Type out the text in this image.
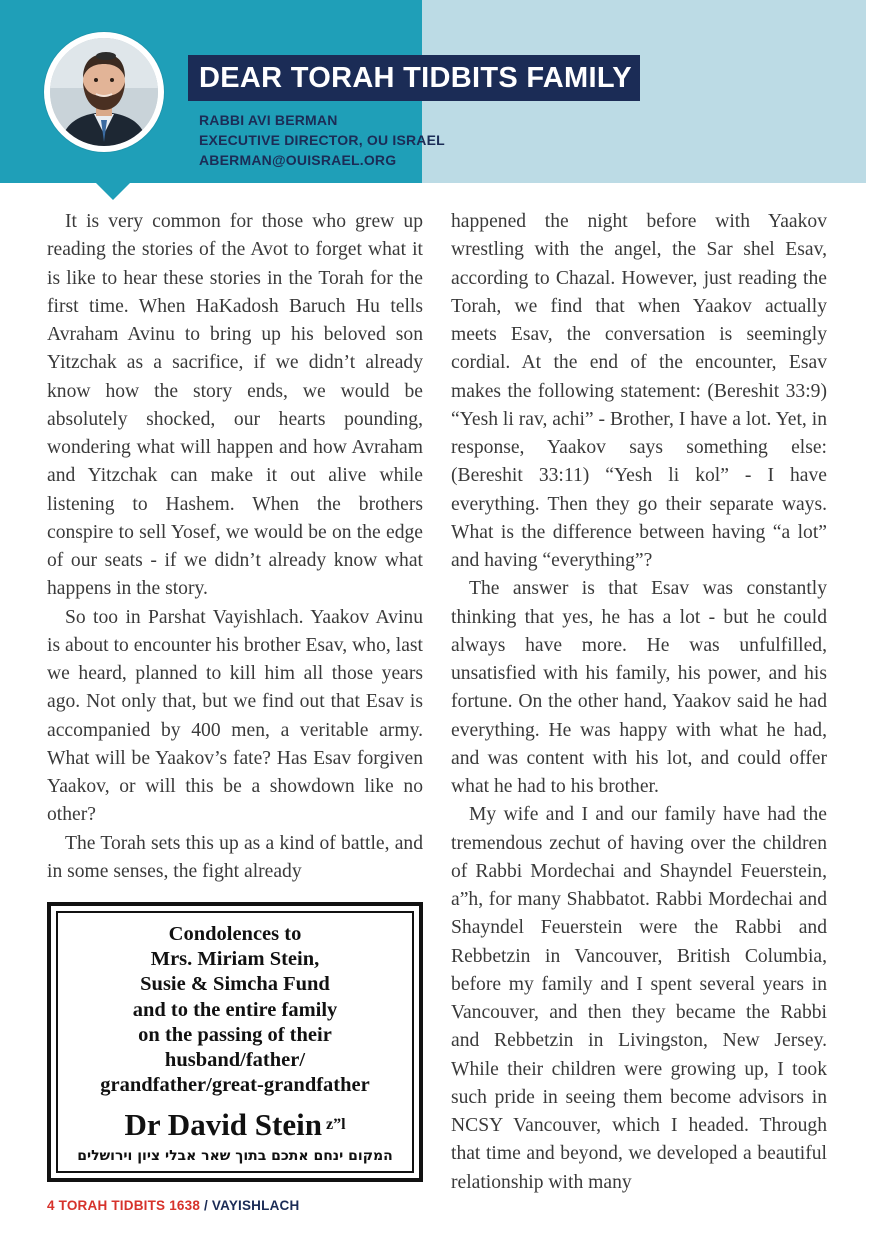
DEAR TORAH TIDBITS FAMILY
RABBI AVI BERMAN
EXECUTIVE DIRECTOR, OU ISRAEL
ABERMAN@OUISRAEL.ORG

It is very common for those who grew up reading the stories of the Avot to forget what it is like to hear these stories in the Torah for the first time. When HaKadosh Baruch Hu tells Avraham Avinu to bring up his beloved son Yitzchak as a sacrifice, if we didn’t already know how the story ends, we would be absolutely shocked, our hearts pounding, wondering what will happen and how Avraham and Yitzchak can make it out alive while listening to Hashem. When the brothers conspire to sell Yosef, we would be on the edge of our seats - if we didn’t already know what happens in the story.

So too in Parshat Vayishlach. Yaakov Avinu is about to encounter his brother Esav, who, last we heard, planned to kill him all those years ago. Not only that, but we find out that Esav is accompanied by 400 men, a veritable army. What will be Yaakov’s fate? Has Esav forgiven Yaakov, or will this be a showdown like no other?

The Torah sets this up as a kind of battle, and in some senses, the fight already

happened the night before with Yaakov wrestling with the angel, the Sar shel Esav, according to Chazal. However, just reading the Torah, we find that when Yaakov actually meets Esav, the conversation is seemingly cordial. At the end of the encounter, Esav makes the following statement: (Bereshit 33:9) “Yesh li rav, achi” - Brother, I have a lot. Yet, in response, Yaakov says something else: (Bereshit 33:11) “Yesh li kol” - I have everything. Then they go their separate ways. What is the difference between having “a lot” and having “everything”?

The answer is that Esav was constantly thinking that yes, he has a lot - but he could always have more. He was unfulfilled, unsatisfied with his family, his power, and his fortune. On the other hand, Yaakov said he had everything. He was happy with what he had, and was content with his lot, and could offer what he had to his brother.

My wife and I and our family have had the tremendous zechut of having over the children of Rabbi Mordechai and Shayndel Feuerstein, a”h, for many Shabbatot. Rabbi Mordechai and Shayndel Feuerstein were the Rabbi and Rebbetzin in Vancouver, British Columbia, before my family and I spent several years in Vancouver, and then they became the Rabbi and Rebbetzin in Livingston, New Jersey. While their children were growing up, I took such pride in seeing them become advisors in NCSY Vancouver, which I headed. Through that time and beyond, we developed a beautiful relationship with many

Condolences to
Mrs. Miriam Stein,
Susie & Simcha Fund
and to the entire family
on the passing of their
husband/father/
grandfather/great-grandfather
Dr David Stein $^{z”l}$
המקום ינחם אתכם בתוך שאר אבלי ציון וירושלים
4 TORAH TIDBITS 1638 / VAYISHLACH
